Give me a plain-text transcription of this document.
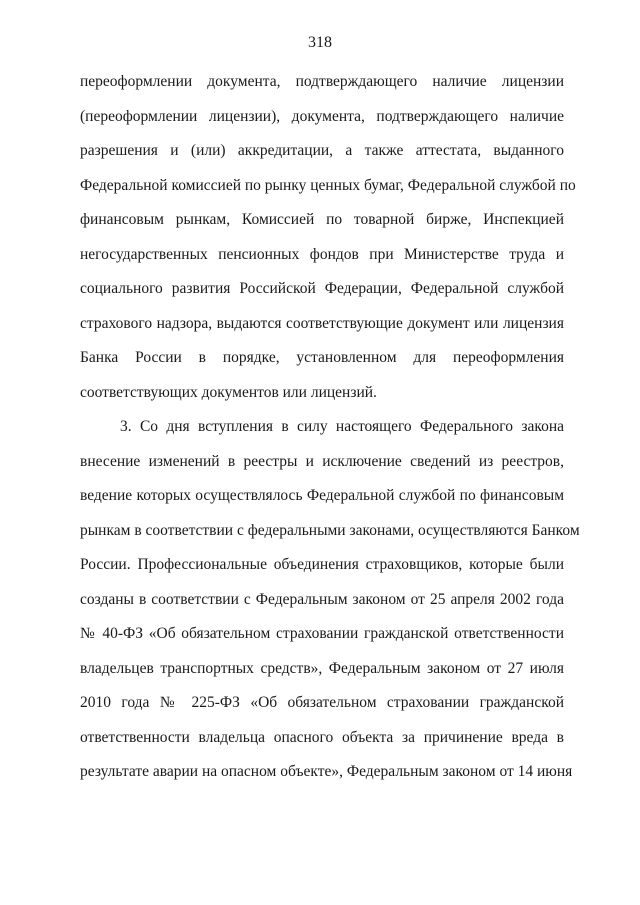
318
переоформлении документа, подтверждающего наличие лицензии
(переоформлении лицензии), документа, подтверждающего наличие
разрешения и (или) аккредитации, а также аттестата, выданного
Федеральной комиссией по рынку ценных бумаг, Федеральной службой по
финансовым рынкам, Комиссией по товарной бирже, Инспекцией
негосударственных пенсионных фондов при Министерстве труда и
социального развития Российской Федерации, Федеральной службой
страхового надзора, выдаются соответствующие документ или лицензия
Банка России в порядке, установленном для переоформления
соответствующих документов или лицензий.
3. Со дня вступления в силу настоящего Федерального закона
внесение изменений в реестры и исключение сведений из реестров,
ведение которых осуществлялось Федеральной службой по финансовым
рынкам в соответствии с федеральными законами, осуществляются Банком
России. Профессиональные объединения страховщиков, которые были
созданы в соответствии с Федеральным законом от 25 апреля 2002 года
№ 40-ФЗ «Об обязательном страховании гражданской ответственности
владельцев транспортных средств», Федеральным законом от 27 июля
2010 года № 225-ФЗ «Об обязательном страховании гражданской
ответственности владельца опасного объекта за причинение вреда в
результате аварии на опасном объекте», Федеральным законом от 14 июня
